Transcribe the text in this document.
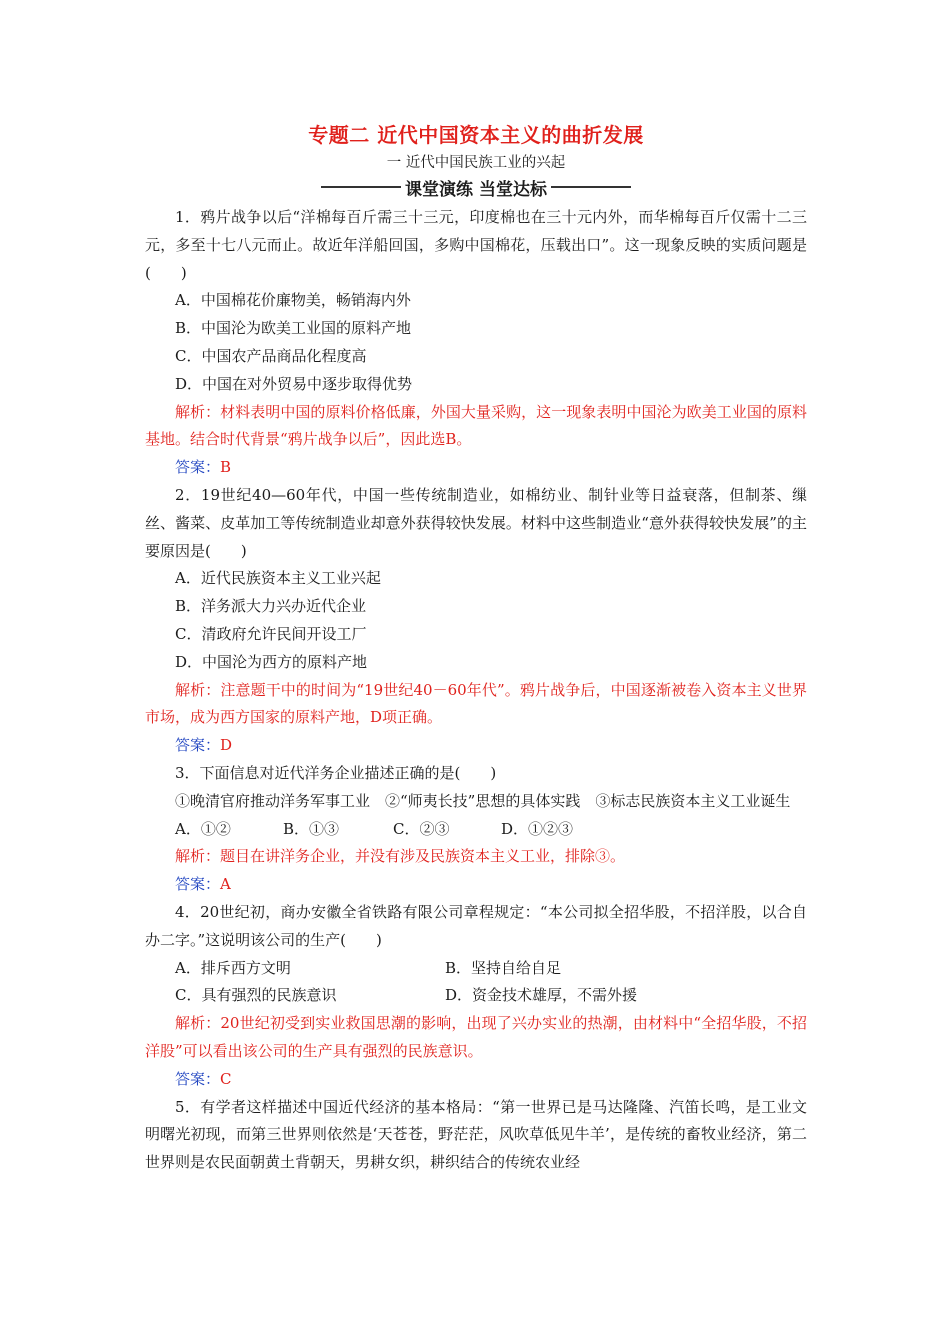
专题二 近代中国资本主义的曲折发展
一 近代中国民族工业的兴起
课堂演练 当堂达标

1．鸦片战争以后“洋棉每百斤需三十三元，印度棉也在三十元内外，而华棉每百斤仅需十二三元，多至十七八元而止。故近年洋船回国，多购中国棉花，压载出口”。这一现象反映的实质问题是(　　)

A．中国棉花价廉物美，畅销海内外

B．中国沦为欧美工业国的原料产地

C．中国农产品商品化程度高

D．中国在对外贸易中逐步取得优势

解析：材料表明中国的原料价格低廉，外国大量采购，这一现象表明中国沦为欧美工业国的原料基地。结合时代背景“鸦片战争以后”，因此选B。

答案：B

2．19世纪40—60年代，中国一些传统制造业，如棉纺业、制针业等日益衰落，但制茶、缫丝、酱菜、皮革加工等传统制造业却意外获得较快发展。材料中这些制造业“意外获得较快发展”的主要原因是(　　)

A．近代民族资本主义工业兴起

B．洋务派大力兴办近代企业

C．清政府允许民间开设工厂

D．中国沦为西方的原料产地

解析：注意题干中的时间为“19世纪40－60年代”。鸦片战争后，中国逐渐被卷入资本主义世界市场，成为西方国家的原料产地，D项正确。

答案：D

3．下面信息对近代洋务企业描述正确的是(　　)

①晚清官府推动洋务军事工业　②“师夷长技”思想的具体实践　③标志民族资本主义工业诞生

A．①②	B．①③	C．②③	D．①②③

解析：题目在讲洋务企业，并没有涉及民族资本主义工业，排除③。

答案：A

4．20世纪初，商办安徽全省铁路有限公司章程规定：“本公司拟全招华股，不招洋股，以合自办二字。”这说明该公司的生产(　　)

A．排斥西方文明	B．坚持自给自足
C．具有强烈的民族意识	D．资金技术雄厚，不需外援

解析：20世纪初受到实业救国思潮的影响，出现了兴办实业的热潮，由材料中“全招华股，不招洋股”可以看出该公司的生产具有强烈的民族意识。

答案：C

5．有学者这样描述中国近代经济的基本格局：“第一世界已是马达隆隆、汽笛长鸣，是工业文明曙光初现，而第三世界则依然是‘天苍苍，野茫茫，风吹草低见牛羊’，是传统的畜牧业经济，第二世界则是农民面朝黄土背朝天，男耕女织，耕织结合的传统农业经
